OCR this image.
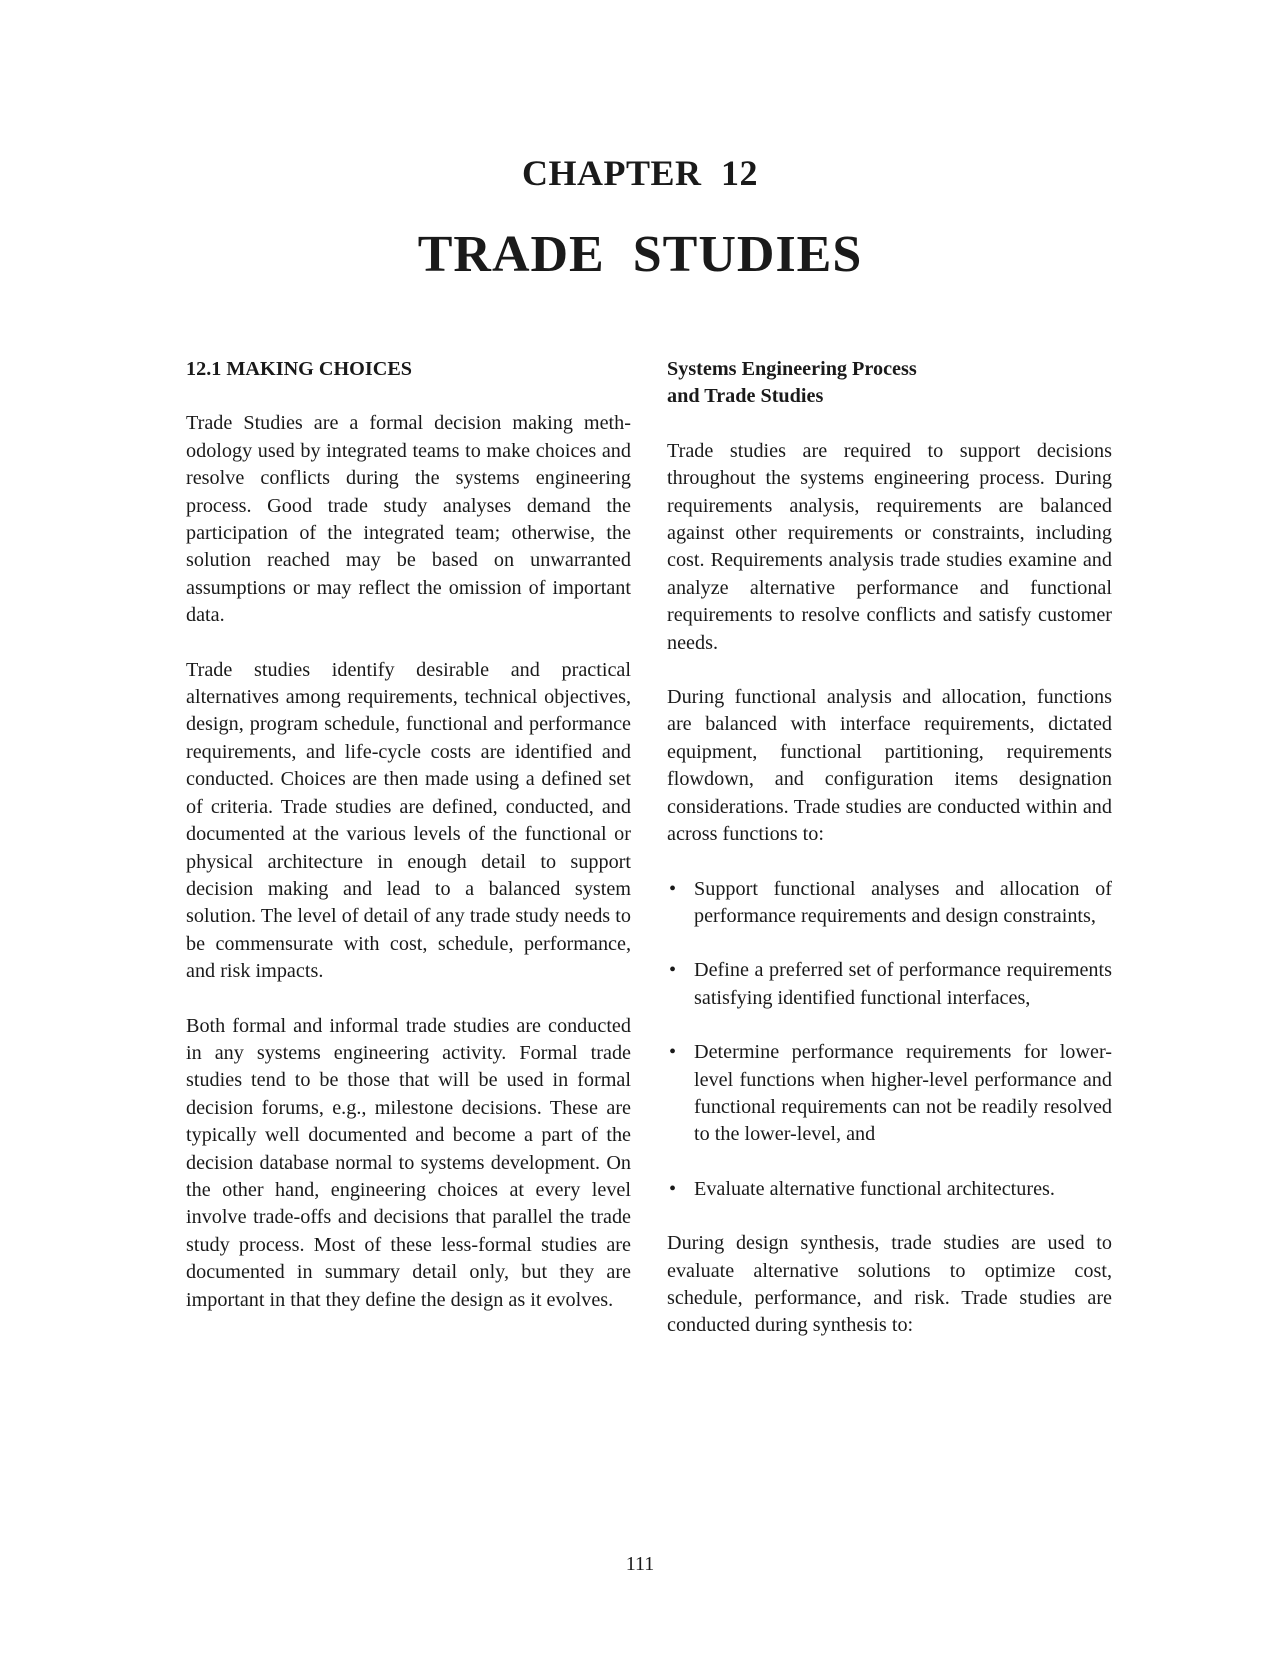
CHAPTER 12
TRADE STUDIES
12.1 MAKING CHOICES

Trade Studies are a formal decision making methodology used by integrated teams to make choices and resolve conflicts during the systems engineering process. Good trade study analyses demand the participation of the integrated team; otherwise, the solution reached may be based on unwarranted assumptions or may reflect the omission of important data.

Trade studies identify desirable and practical alternatives among requirements, technical objectives, design, program schedule, functional and performance requirements, and life-cycle costs are identified and conducted. Choices are then made using a defined set of criteria. Trade studies are defined, conducted, and documented at the various levels of the functional or physical architecture in enough detail to support decision making and lead to a balanced system solution. The level of detail of any trade study needs to be commensurate with cost, schedule, performance, and risk impacts.

Both formal and informal trade studies are conducted in any systems engineering activity. Formal trade studies tend to be those that will be used in formal decision forums, e.g., milestone decisions. These are typically well documented and become a part of the decision database normal to systems development. On the other hand, engineering choices at every level involve trade-offs and decisions that parallel the trade study process. Most of these less-formal studies are documented in summary detail only, but they are important in that they define the design as it evolves.

Systems Engineering Process
and Trade Studies

Trade studies are required to support decisions throughout the systems engineering process. During requirements analysis, requirements are balanced against other requirements or constraints, including cost. Requirements analysis trade studies examine and analyze alternative performance and functional requirements to resolve conflicts and satisfy customer needs.

During functional analysis and allocation, functions are balanced with interface requirements, dictated equipment, functional partitioning, requirements flowdown, and configuration items designation considerations. Trade studies are conducted within and across functions to:

• Support functional analyses and allocation of performance requirements and design constraints,
• Define a preferred set of performance requirements satisfying identified functional interfaces,
• Determine performance requirements for lower-level functions when higher-level performance and functional requirements can not be readily resolved to the lower-level, and
• Evaluate alternative functional architectures.

During design synthesis, trade studies are used to evaluate alternative solutions to optimize cost, schedule, performance, and risk. Trade studies are conducted during synthesis to:

111
